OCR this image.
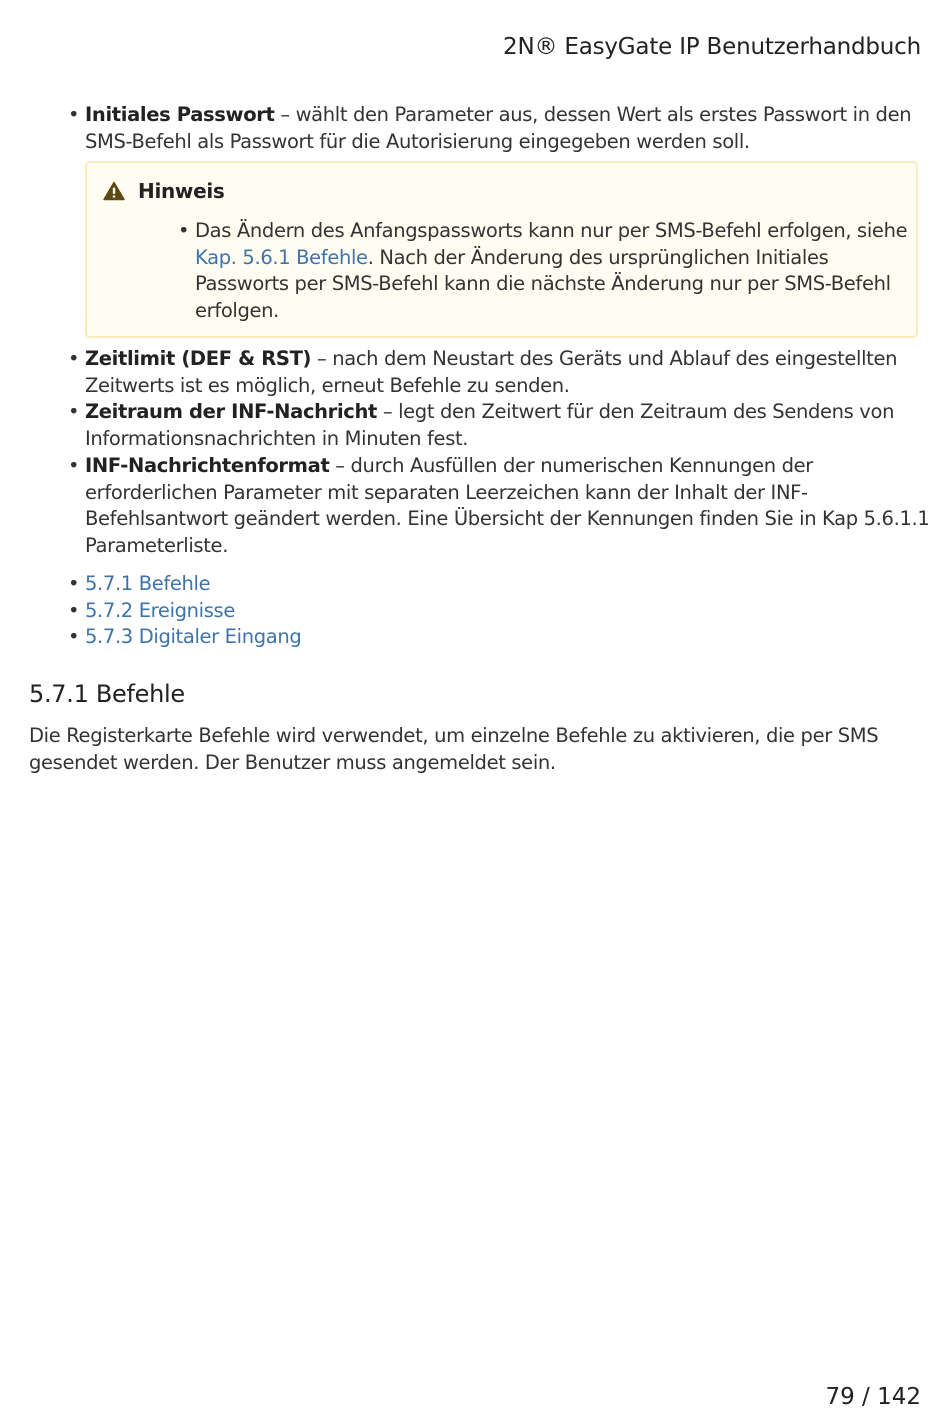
2N® EasyGate IP Benutzerhandbuch
• Initiales Passwort – wählt den Parameter aus, dessen Wert als erstes Passwort in den
SMS-Befehl als Passwort für die Autorisierung eingegeben werden soll.
Hinweis
• Das Ändern des Anfangspassworts kann nur per SMS-Befehl erfolgen, siehe
Kap. 5.6.1 Befehle. Nach der Änderung des ursprünglichen Initiales
Passworts per SMS-Befehl kann die nächste Änderung nur per SMS-Befehl
erfolgen.
• Zeitlimit (DEF & RST) – nach dem Neustart des Geräts und Ablauf des eingestellten
Zeitwerts ist es möglich, erneut Befehle zu senden.
• Zeitraum der INF-Nachricht – legt den Zeitwert für den Zeitraum des Sendens von
Informationsnachrichten in Minuten fest.
• INF-Nachrichtenformat – durch Ausfüllen der numerischen Kennungen der
erforderlichen Parameter mit separaten Leerzeichen kann der Inhalt der INF-
Befehlsantwort geändert werden. Eine Übersicht der Kennungen finden Sie in Kap 5.6.1.1
Parameterliste.
• 5.7.1 Befehle
• 5.7.2 Ereignisse
• 5.7.3 Digitaler Eingang
5.7.1 Befehle
Die Registerkarte Befehle wird verwendet, um einzelne Befehle zu aktivieren, die per SMS
gesendet werden. Der Benutzer muss angemeldet sein.
79 / 142
